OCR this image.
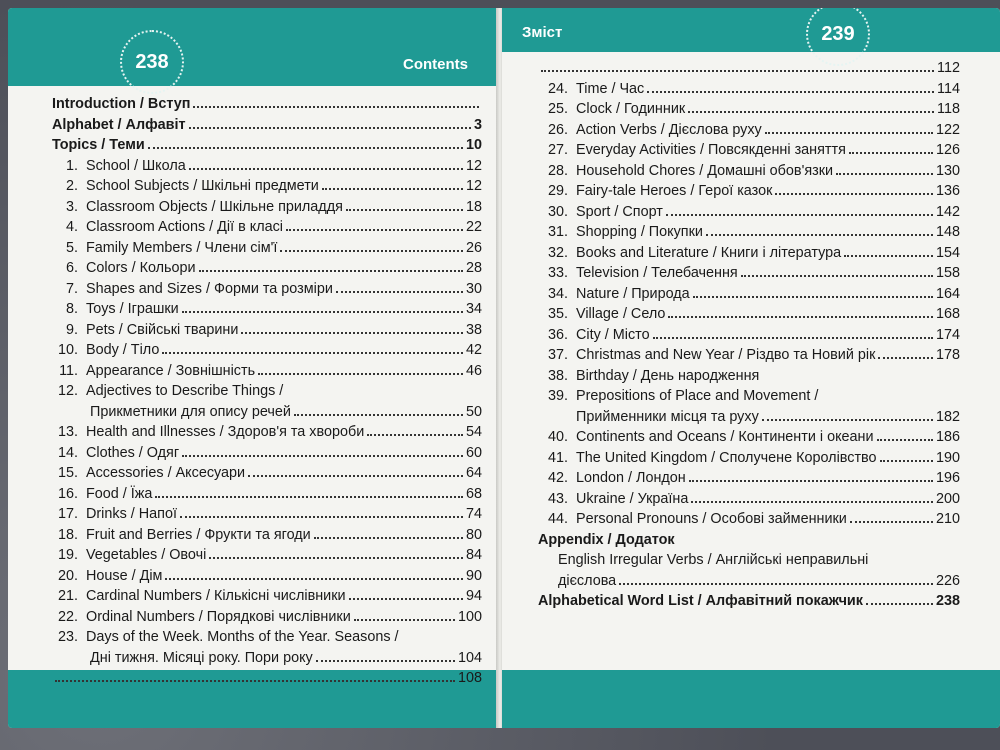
238	Contents
Introduction / Вступ
Alphabet / Алфавіт	3
Topics / Теми	10
1. School / Школа	12
2. School Subjects / Шкільні предмети	12
3. Classroom Objects / Шкільне приладдя	18
4. Classroom Actions / Дії в класі	22
5. Family Members / Члени сім'ї	26
6. Colors / Кольори	28
7. Shapes and Sizes / Форми та розміри	30
8. Toys / Іграшки	34
9. Pets / Свійські тварини	38
10. Body / Тіло	42
11. Appearance / Зовнішність	46
12. Adjectives to Describe Things /
Прикметники для опису речей	50
13. Health and Illnesses / Здоров'я та хвороби	54
14. Clothes / Одяг	60
15. Accessories / Аксесуари	64
16. Food / Їжа	68
17. Drinks / Напої	74
18. Fruit and Berries / Фрукти та ягоди	80
19. Vegetables / Овочі	84
20. House / Дім	90
21. Cardinal Numbers / Кількісні числівники	94
22. Ordinal Numbers / Порядкові числівники	100
23. Days of the Week. Months of the Year. Seasons /
Дні тижня. Місяці року. Пори року	104
108
239
Зміст
112
24. Time / Час	114
25. Clock / Годинник	118
26. Action Verbs / Дієслова руху	122
27. Everyday Activities / Повсякденні заняття	126
28. Household Chores / Домашні обов'язки	130
29. Fairy-tale Heroes / Герої казок	136
30. Sport / Спорт	142
31. Shopping / Покупки	148
32. Books and Literature / Книги і література	154
33. Television / Телебачення	158
34. Nature / Природа	164
35. Village / Село	168
36. City / Місто	174
37. Christmas and New Year / Різдво та Новий рік	178
38. Birthday / День народження
39. Prepositions of Place and Movement /
Прийменники місця та руху	182
40. Continents and Oceans / Континенти і океани	186
41. The United Kingdom / Сполучене Королівство	190
42. London / Лондон	196
43. Ukraine / Україна	200
44. Personal Pronouns / Особові займенники	210
Appendix / Додаток
English Irregular Verbs / Англійські неправильні
дієслова	226
Alphabetical Word List / Алфавітний покажчик	238
